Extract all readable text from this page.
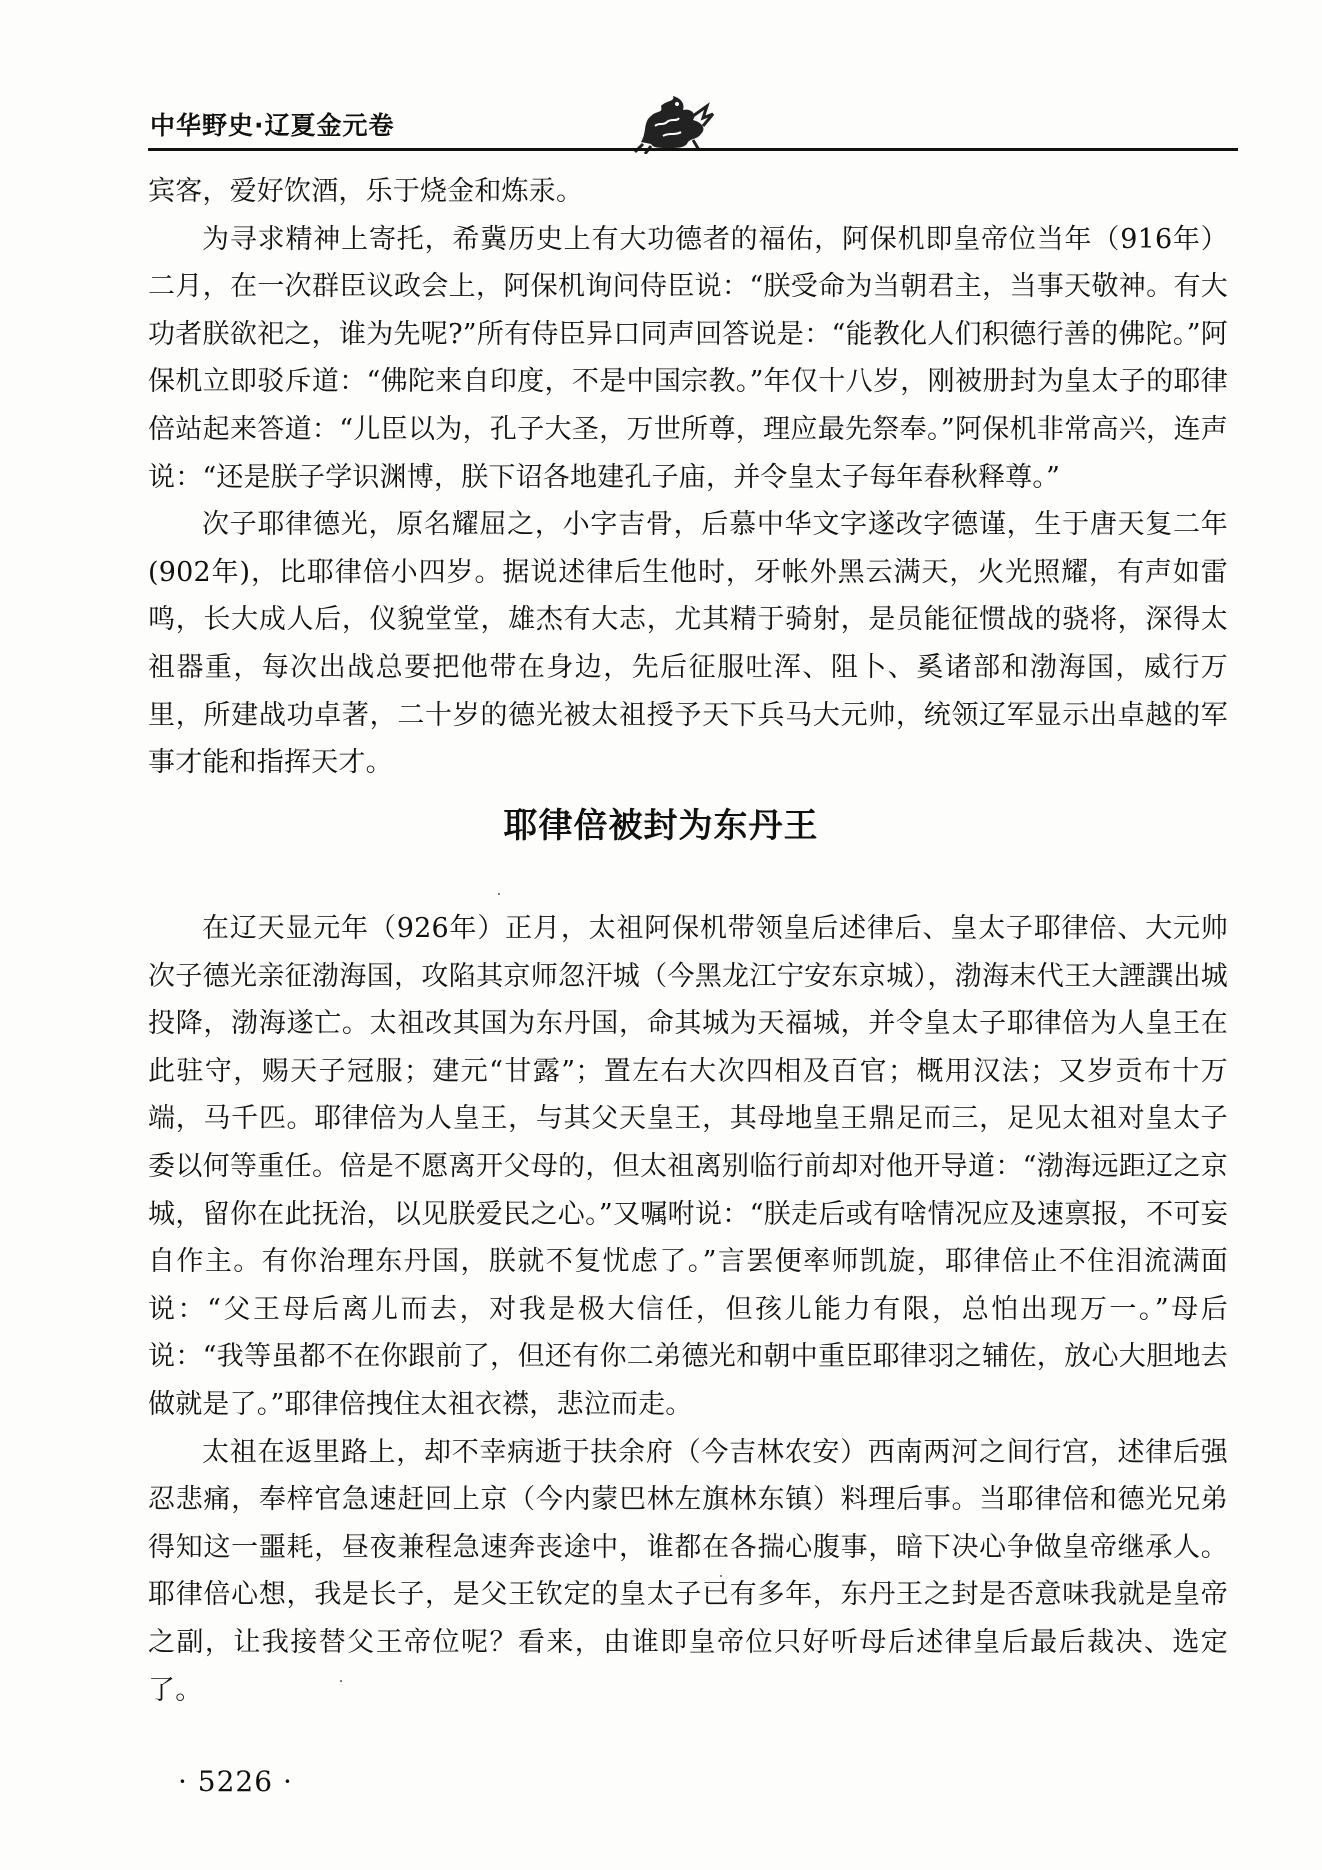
中华野史·辽夏金元卷

宾客，爱好饮酒，乐于烧金和炼汞。

为寻求精神上寄托，希冀历史上有大功德者的福佑，阿保机即皇帝位当年（916年）二月，在一次群臣议政会上，阿保机询问侍臣说：“朕受命为当朝君主，当事天敬神。有大功者朕欲祀之，谁为先呢?”所有侍臣异口同声回答说是：“能教化人们积德行善的佛陀。”阿保机立即驳斥道：“佛陀来自印度，不是中国宗教。”年仅十八岁，刚被册封为皇太子的耶律倍站起来答道：“儿臣以为，孔子大圣，万世所尊，理应最先祭奉。”阿保机非常高兴，连声说：“还是朕子学识渊博，朕下诏各地建孔子庙，并令皇太子每年春秋释尊。”

次子耶律德光，原名耀屈之，小字吉骨，后慕中华文字遂改字德谨，生于唐天复二年(902年)，比耶律倍小四岁。据说述律后生他时，牙帐外黑云满天，火光照耀，有声如雷鸣，长大成人后，仪貌堂堂，雄杰有大志，尤其精于骑射，是员能征惯战的骁将，深得太祖器重，每次出战总要把他带在身边，先后征服吐浑、阻卜、奚诸部和渤海国，威行万里，所建战功卓著，二十岁的德光被太祖授予天下兵马大元帅，统领辽军显示出卓越的军事才能和指挥天才。

耶律倍被封为东丹王

在辽天显元年（926年）正月，太祖阿保机带领皇后述律后、皇太子耶律倍、大元帅次子德光亲征渤海国，攻陷其京师忽汗城（今黑龙江宁安东京城），渤海末代王大諲譔出城投降，渤海遂亡。太祖改其国为东丹国，命其城为天福城，并令皇太子耶律倍为人皇王在此驻守，赐天子冠服；建元“甘露”；置左右大次四相及百官；概用汉法；又岁贡布十万端，马千匹。耶律倍为人皇王，与其父天皇王，其母地皇王鼎足而三，足见太祖对皇太子委以何等重任。倍是不愿离开父母的，但太祖离别临行前却对他开导道：“渤海远距辽之京城，留你在此抚治，以见朕爱民之心。”又嘱咐说：“朕走后或有啥情况应及速禀报，不可妄自作主。有你治理东丹国，朕就不复忧虑了。”言罢便率师凯旋，耶律倍止不住泪流满面说：“父王母后离儿而去，对我是极大信任，但孩儿能力有限，总怕出现万一。”母后说：“我等虽都不在你跟前了，但还有你二弟德光和朝中重臣耶律羽之辅佐，放心大胆地去做就是了。”耶律倍拽住太祖衣襟，悲泣而走。

太祖在返里路上，却不幸病逝于扶余府（今吉林农安）西南两河之间行宫，述律后强忍悲痛，奉梓官急速赶回上京（今内蒙巴林左旗林东镇）料理后事。当耶律倍和德光兄弟得知这一噩耗，昼夜兼程急速奔丧途中，谁都在各揣心腹事，暗下决心争做皇帝继承人。耶律倍心想，我是长子，是父王钦定的皇太子已有多年，东丹王之封是否意味我就是皇帝之副，让我接替父王帝位呢？看来，由谁即皇帝位只好听母后述律皇后最后裁决、选定了。

· 5226 ·
